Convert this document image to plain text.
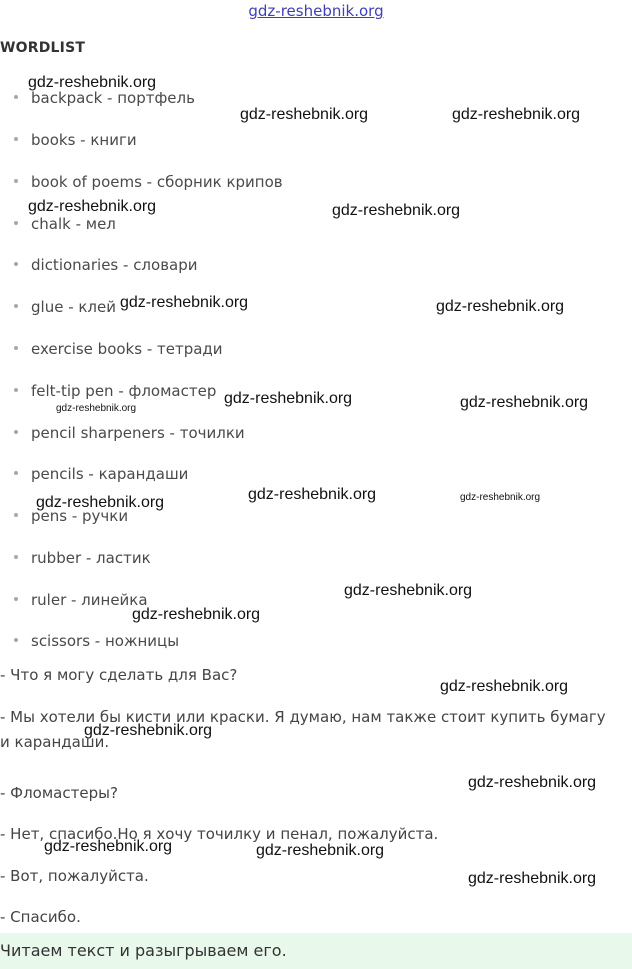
gdz-reshebnik.org
WORDLIST
backpack - портфель
books - книги
book of poems - сборник крипов
chalk - мел
dictionaries - словари
glue - клей
exercise books - тетради
felt-tip pen - фломастер
pencil sharpeners - точилки
pencils - карандаши
pens - ручки
rubber - ластик
ruler - линейка
scissors - ножницы
- Что я могу сделать для Вас?
- Мы хотели бы кисти или краски. Я думаю, нам также стоит купить бумагу и карандаши.
- Фломастеры?
- Нет, спасибо.Но я хочу точилку и пенал, пожалуйста.
- Вот, пожалуйста.
- Спасибо.
Читаем текст и разыгрываем его.
gdz-reshebnik.org
gdz-reshebnik.org	gdz-reshebnik.org
gdz-reshebnik.org	gdz-reshebnik.org
gdz-reshebnik.org	gdz-reshebnik.org
gdz-reshebnik.org	gdz-reshebnik.org
gdz-reshebnik.org
gdz-reshebnik.org	gdz-reshebnik.org	gdz-reshebnik.org
gdz-reshebnik.org
gdz-reshebnik.org
gdz-reshebnik.org
gdz-reshebnik.org
gdz-reshebnik.org
gdz-reshebnik.org	gdz-reshebnik.org
gdz-reshebnik.org
